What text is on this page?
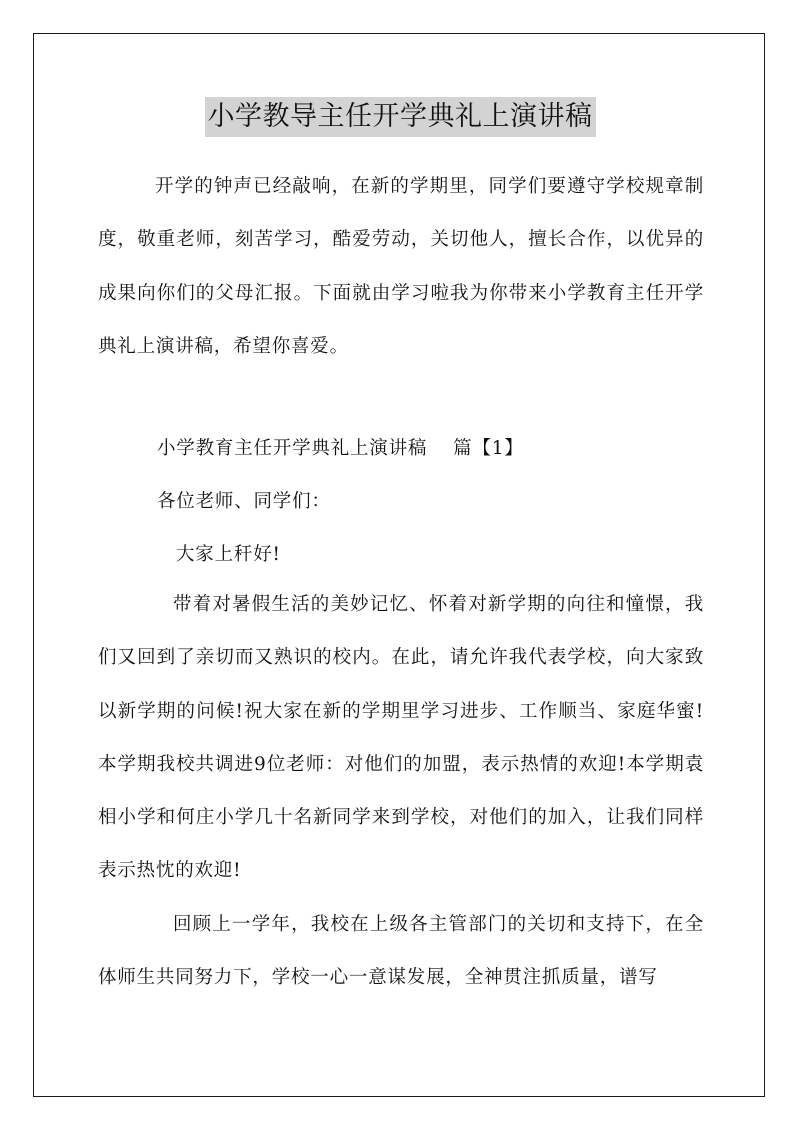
小学教导主任开学典礼上演讲稿

开学的钟声已经敲响，在新的学期里，同学们要遵守学校规章制度，敬重老师，刻苦学习，酷爱劳动，关切他人，擅长合作，以优异的成果向你们的父母汇报。下面就由学习啦我为你带来小学教育主任开学典礼上演讲稿，希望你喜爱。

小学教育主任开学典礼上演讲稿　 篇【1】

各位老师、同学们：

大家上秆好!

带着对暑假生活的美妙记忆、怀着对新学期的向往和憧憬，我们又回到了亲切而又熟识的校内。在此，请允许我代表学校，向大家致以新学期的问候!祝大家在新的学期里学习进步、工作顺当、家庭华蜜!本学期我校共调进9位老师：对他们的加盟，表示热情的欢迎!本学期袁相小学和何庄小学几十名新同学来到学校，对他们的加入，让我们同样表示热忱的欢迎!

回顾上一学年，我校在上级各主管部门的关切和支持下，在全体师生共同努力下，学校一心一意谋发展，全神贯注抓质量，谱写
